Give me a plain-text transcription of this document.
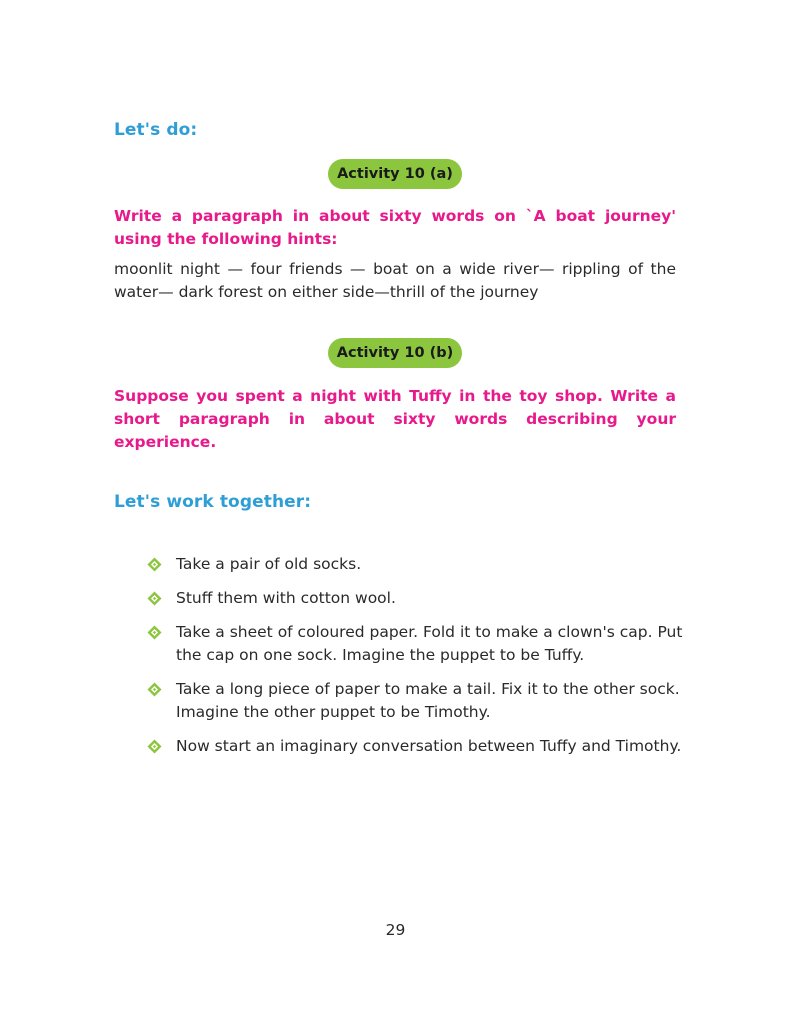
Let's do:
Activity 10 (a)

Write a paragraph in about sixty words on `A boat journey' using the following hints:

moonlit night — four friends — boat on a wide river— rippling of the water— dark forest on either side—thrill of the journey

Activity 10 (b)

Suppose you spent a night with Tuffy in the toy shop. Write a short paragraph in about sixty words describing your experience.

Let's work together:
Take a pair of old socks.
Stuff them with cotton wool.
Take a sheet of coloured paper. Fold it to make a clown's cap. Put the cap on one sock. Imagine the puppet to be Tuffy.
Take a long piece of paper to make a tail. Fix it to the other sock. Imagine the other puppet to be Timothy.
Now start an imaginary conversation between Tuffy and Timothy.
29
